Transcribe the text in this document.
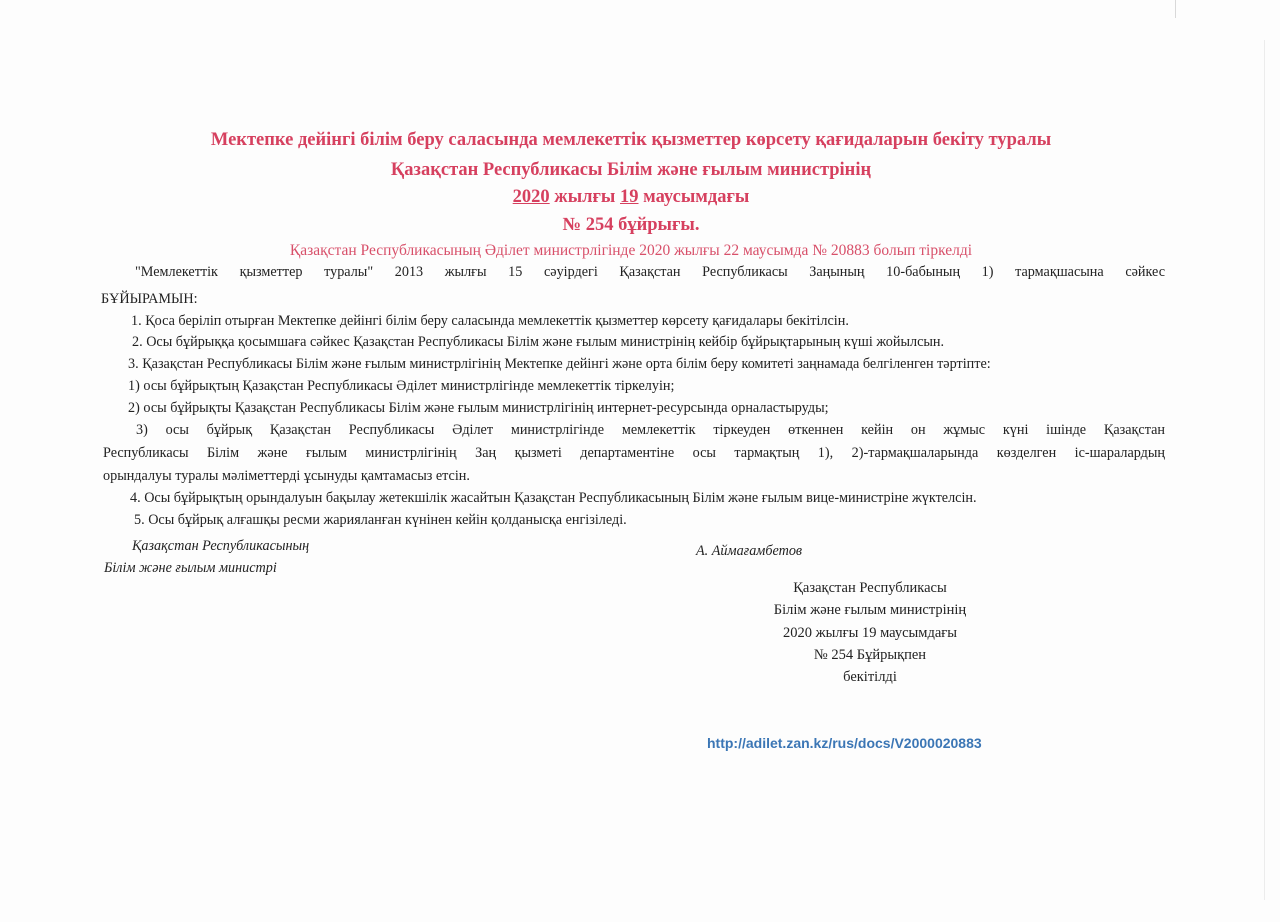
Мектепке дейінгі білім беру саласында мемлекеттік қызметтер көрсету қағидаларын бекіту туралы
Қазақстан Республикасы Білім және ғылым министрінің
2020 жылғы 19 маусымдағы
№ 254 бұйрығы.
Қазақстан Республикасының Әділет министрлігінде 2020 жылғы 22 маусымда № 20883 болып тіркелді
"Мемлекеттік қызметтер туралы" 2013 жылғы 15 сәуірдегі Қазақстан Республикасы Заңының 10-бабының 1) тармақшасына сәйкес
БҰЙЫРАМЫН:
1. Қоса беріліп отырған Мектепке дейінгі білім беру саласында мемлекеттік қызметтер көрсету қағидалары бекітілсін.
2. Осы бұйрыққа қосымшаға сәйкес Қазақстан Республикасы Білім және ғылым министрінің кейбір бұйрықтарының күші жойылсын.
3. Қазақстан Республикасы Білім және ғылым министрлігінің Мектепке дейінгі және орта білім беру комитеті заңнамада белгіленген тәртіпте:
1) осы бұйрықтың Қазақстан Республикасы Әділет министрлігінде мемлекеттік тіркелуін;
2) осы бұйрықты Қазақстан Республикасы Білім және ғылым министрлігінің интернет-ресурсында орналастыруды;
3) осы бұйрық Қазақстан Республикасы Әділет министрлігінде мемлекеттік тіркеуден өткеннен кейін он жұмыс күні ішінде Қазақстан
Республикасы Білім және ғылым министрлігінің Заң қызметі департаментіне осы тармақтың 1), 2)-тармақшаларында көзделген іс-шаралардың
орындалуы туралы мәліметтерді ұсынуды қамтамасыз етсін.
4. Осы бұйрықтың орындалуын бақылау жетекшілік жасайтын Қазақстан Республикасының Білім және ғылым вице-министріне жүктелсін.
5. Осы бұйрық алғашқы ресми жарияланған күнінен кейін қолданысқа енгізіледі.
Қазақстан Республикасының
Білім және ғылым министрі
А. Аймағамбетов
Қазақстан Республикасы
Білім және ғылым министрінің
2020 жылғы 19 маусымдағы
№ 254 Бұйрықпен
бекітілді
http://adilet.zan.kz/rus/docs/V2000020883
